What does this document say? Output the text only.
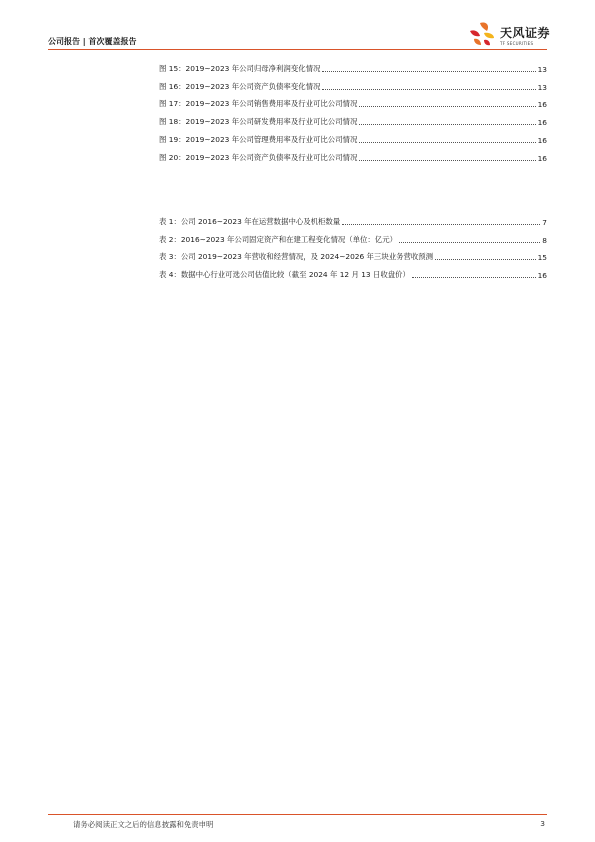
公司报告 | 首次覆盖报告
天风证券
TF SECURITIES
图 15：2019~2023 年公司归母净利润变化情况	13
图 16：2019~2023 年公司资产负债率变化情况	13
图 17：2019~2023 年公司销售费用率及行业可比公司情况	16
图 18：2019~2023 年公司研发费用率及行业可比公司情况	16
图 19：2019~2023 年公司管理费用率及行业可比公司情况	16
图 20：2019~2023 年公司资产负债率及行业可比公司情况	16
表 1：公司 2016~2023 年在运营数据中心及机柜数量	7
表 2：2016~2023 年公司固定资产和在建工程变化情况（单位：亿元）	8
表 3：公司 2019~2023 年营收和经营情况，及 2024~2026 年三块业务营收预测	15
表 4：数据中心行业可选公司估值比较（截至 2024 年 12 月 13 日收盘价）	16
请务必阅读正文之后的信息披露和免责申明	3
